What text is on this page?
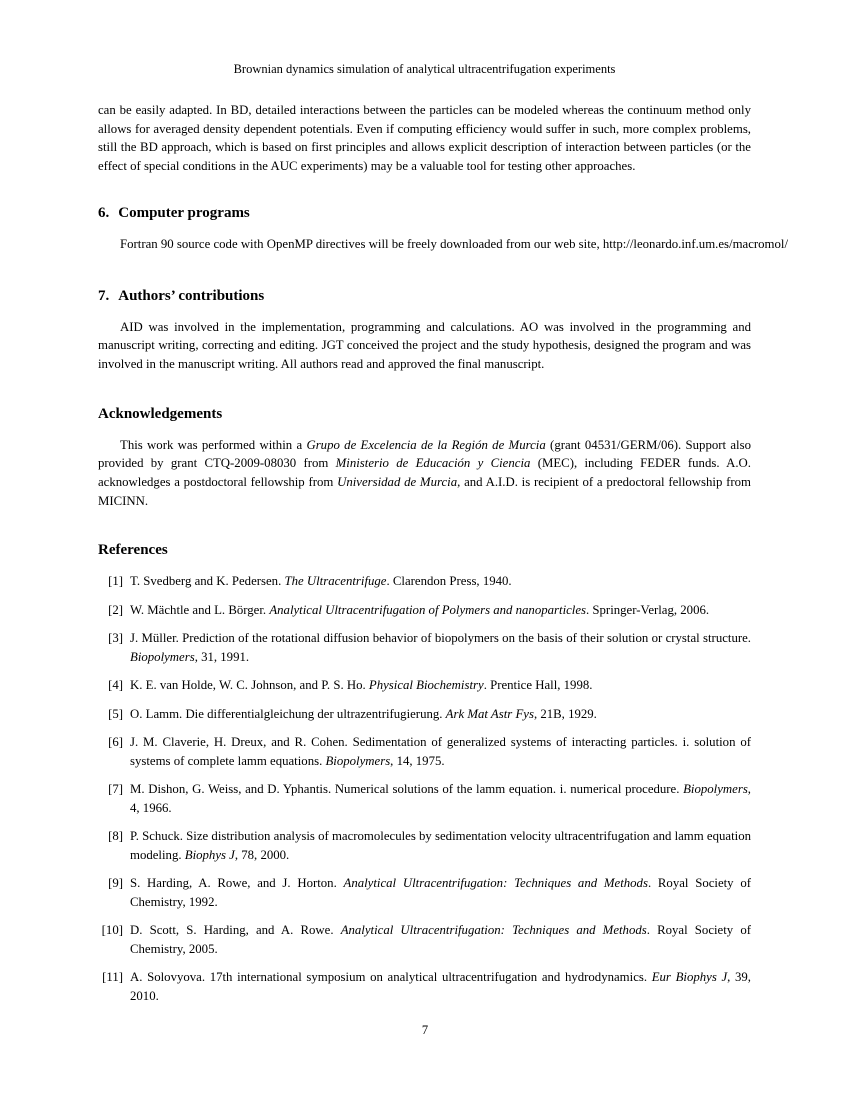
Brownian dynamics simulation of analytical ultracentrifugation experiments

can be easily adapted. In BD, detailed interactions between the particles can be modeled whereas the continuum method only allows for averaged density dependent potentials. Even if computing efficiency would suffer in such, more complex problems, still the BD approach, which is based on first principles and allows explicit description of interaction between particles (or the effect of special conditions in the AUC experiments) may be a valuable tool for testing other approaches.

6. Computer programs

Fortran 90 source code with OpenMP directives will be freely downloaded from our web site, http://leonardo.inf.um.es/macromol/

7. Authors’ contributions

AID was involved in the implementation, programming and calculations. AO was involved in the programming and manuscript writing, correcting and editing. JGT conceived the project and the study hypothesis, designed the program and was involved in the manuscript writing. All authors read and approved the final manuscript.

Acknowledgements

This work was performed within a Grupo de Excelencia de la Región de Murcia (grant 04531/GERM/06). Support also provided by grant CTQ-2009-08030 from Ministerio de Educación y Ciencia (MEC), including FEDER funds. A.O. acknowledges a postdoctoral fellowship from Universidad de Murcia, and A.I.D. is recipient of a predoctoral fellowship from MICINN.

References
[1] T. Svedberg and K. Pedersen. The Ultracentrifuge. Clarendon Press, 1940.
[2] W. Mächtle and L. Börger. Analytical Ultracentrifugation of Polymers and nanoparticles. Springer-Verlag, 2006.
[3] J. Müller. Prediction of the rotational diffusion behavior of biopolymers on the basis of their solution or crystal structure. Biopolymers, 31, 1991.
[4] K. E. van Holde, W. C. Johnson, and P. S. Ho. Physical Biochemistry. Prentice Hall, 1998.
[5] O. Lamm. Die differentialgleichung der ultrazentrifugierung. Ark Mat Astr Fys, 21B, 1929.
[6] J. M. Claverie, H. Dreux, and R. Cohen. Sedimentation of generalized systems of interacting particles. i. solution of systems of complete lamm equations. Biopolymers, 14, 1975.
[7] M. Dishon, G. Weiss, and D. Yphantis. Numerical solutions of the lamm equation. i. numerical procedure. Biopolymers, 4, 1966.
[8] P. Schuck. Size distribution analysis of macromolecules by sedimentation velocity ultracentrifugation and lamm equation modeling. Biophys J, 78, 2000.
[9] S. Harding, A. Rowe, and J. Horton. Analytical Ultracentrifugation: Techniques and Methods. Royal Society of Chemistry, 1992.
[10] D. Scott, S. Harding, and A. Rowe. Analytical Ultracentrifugation: Techniques and Methods. Royal Society of Chemistry, 2005.
[11] A. Solovyova. 17th international symposium on analytical ultracentrifugation and hydrodynamics. Eur Biophys J, 39, 2010.
7
